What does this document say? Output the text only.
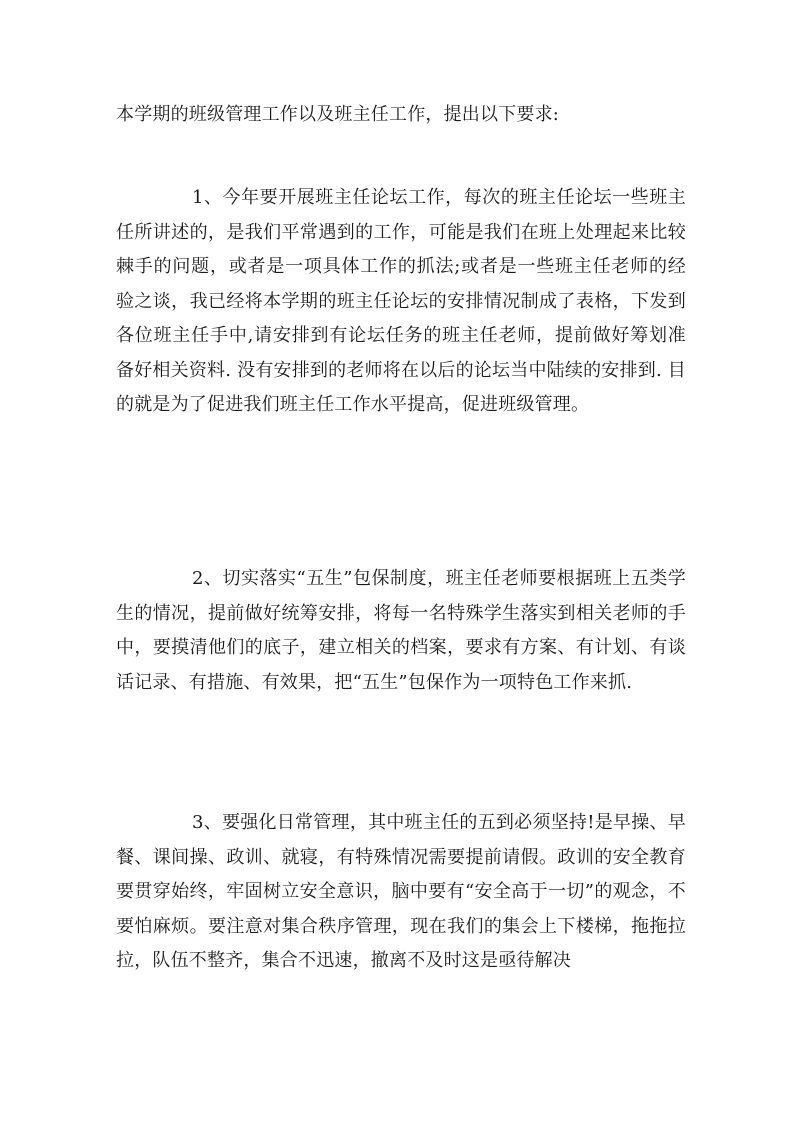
本学期的班级管理工作以及班主任工作，提出以下要求:

1、今年要开展班主任论坛工作，每次的班主任论坛一些班主任所讲述的，是我们平常遇到的工作，可能是我们在班上处理起来比较棘手的问题，或者是一项具体工作的抓法;或者是一些班主任老师的经验之谈，我已经将本学期的班主任论坛的安排情况制成了表格，下发到各位班主任手中,请安排到有论坛任务的班主任老师，提前做好筹划准备好相关资料. 没有安排到的老师将在以后的论坛当中陆续的安排到. 目的就是为了促进我们班主任工作水平提高，促进班级管理。

2、切实落实“五生”包保制度，班主任老师要根据班上五类学生的情况，提前做好统筹安排，将每一名特殊学生落实到相关老师的手中，要摸清他们的底子，建立相关的档案，要求有方案、有计划、有谈话记录、有措施、有效果，把“五生”包保作为一项特色工作来抓.

3、要强化日常管理，其中班主任的五到必须坚持!是早操、早餐、课间操、政训、就寝，有特殊情况需要提前请假。政训的安全教育要贯穿始终，牢固树立安全意识，脑中要有“安全高于一切”的观念，不要怕麻烦。要注意对集合秩序管理，现在我们的集会上下楼梯，拖拖拉拉，队伍不整齐，集合不迅速，撤离不及时这是亟待解决
